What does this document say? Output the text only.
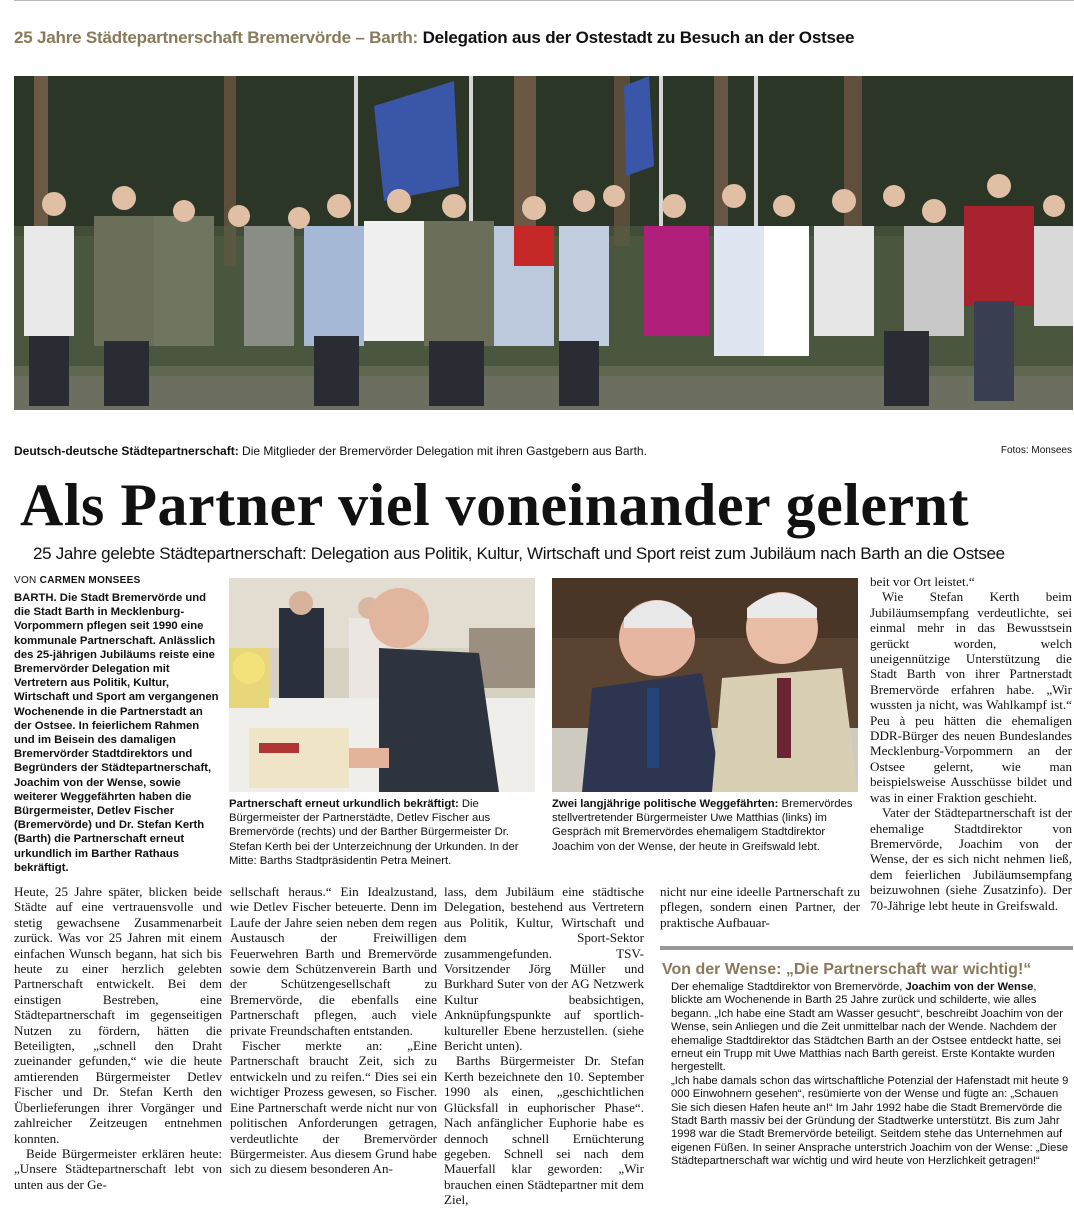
25 Jahre Städtepartnerschaft Bremervörde – Barth: Delegation aus der Ostestadt zu Besuch an der Ostsee
Deutsch-deutsche Städtepartnerschaft: Die Mitglieder der Bremervörder Delegation mit ihren Gastgebern aus Barth.	Fotos: Monsees
Als Partner viel voneinander gelernt
25 Jahre gelebte Städtepartnerschaft: Delegation aus Politik, Kultur, Wirtschaft und Sport reist zum Jubiläum nach Barth an die Ostsee
VON CARMEN MONSEES
BARTH. Die Stadt Bremervörde und die Stadt Barth in Mecklenburg-Vorpommern pflegen seit 1990 eine kommunale Partnerschaft. Anlässlich des 25-jährigen Jubiläums reiste eine Bremervörder Delegation mit Vertretern aus Politik, Kultur, Wirtschaft und Sport am vergangenen Wochenende in die Partnerstadt an der Ostsee. In feierlichem Rahmen und im Beisein des damaligen Bremervörder Stadtdirektors und Begründers der Städtepartnerschaft, Joachim von der Wense, sowie weiterer Weggefährten haben die Bürgermeister, Detlev Fischer (Bremervörde) und Dr. Stefan Kerth (Barth) die Partnerschaft erneut urkundlich im Barther Rathaus bekräftigt.
Partnerschaft erneut urkundlich bekräftigt: Die Bürgermeister der Partnerstädte, Detlev Fischer aus Bremervörde (rechts) und der Barther Bürgermeister Dr. Stefan Kerth bei der Unterzeichnung der Urkunden. In der Mitte: Barths Stadtpräsidentin Petra Meinert.
Zwei langjährige politische Weggefährten: Bremervördes stellvertretender Bürgermeister Uwe Matthias (links) im Gespräch mit Bremervördes ehemaligem Stadtdirektor Joachim von der Wense, der heute in Greifswald lebt.

Heute, 25 Jahre später, blicken beide Städte auf eine vertrauensvolle und stetig gewachsene Zusammenarbeit zurück. Was vor 25 Jahren mit einem einfachen Wunsch begann, hat sich bis heute zu einer herzlich gelebten Partnerschaft entwickelt. Bei dem einstigen Bestreben, eine Städtepartnerschaft im gegenseitigen Nutzen zu fördern, hätten die Beteiligten, „schnell den Draht zueinander gefunden,“ wie die heute amtierenden Bürgermeister Detlev Fischer und Dr. Stefan Kerth den Überlieferungen ihrer Vorgänger und zahlreicher Zeitzeugen entnehmen konnten.

Beide Bürgermeister erklären heute: „Unsere Städtepartnerschaft lebt von unten aus der Ge-

sellschaft heraus.“ Ein Idealzustand, wie Detlev Fischer beteuerte. Denn im Laufe der Jahre seien neben dem regen Austausch der Freiwilligen Feuerwehren Barth und Bremervörde sowie dem Schützenverein Barth und der Schützengesellschaft zu Bremervörde, die ebenfalls eine Partnerschaft pflegen, auch viele private Freundschaften entstanden.

Fischer merkte an: „Eine Partnerschaft braucht Zeit, sich zu entwickeln und zu reifen.“ Dies sei ein wichtiger Prozess gewesen, so Fischer. Eine Partnerschaft werde nicht nur von politischen Anforderungen getragen, verdeutlichte der Bremervörder Bürgermeister. Aus diesem Grund habe sich zu diesem besonderen An-

lass, dem Jubiläum eine städtische Delegation, bestehend aus Vertretern aus Politik, Kultur, Wirtschaft und dem Sport-Sektor zusammengefunden. TSV-Vorsitzender Jörg Müller und Burkhard Suter von der AG Netzwerk Kultur beabsichtigen, Anknüpfungspunkte auf sportlich-kultureller Ebene herzustellen. (siehe Bericht unten).

Barths Bürgermeister Dr. Stefan Kerth bezeichnete den 10. September 1990 als einen, „geschichtlichen Glücksfall in euphorischer Phase“. Nach anfänglicher Euphorie habe es dennoch schnell Ernüchterung gegeben. Schnell sei nach dem Mauerfall klar geworden: „Wir brauchen einen Städtepartner mit dem Ziel,

nicht nur eine ideelle Partnerschaft zu pflegen, sondern einen Partner, der praktische Aufbauar-

beit vor Ort leistet.“

Wie Stefan Kerth beim Jubiläumsempfang verdeutlichte, sei einmal mehr in das Bewusstsein gerückt worden, welch uneigennützige Unterstützung die Stadt Barth von ihrer Partnerstadt Bremervörde erfahren habe. „Wir wussten ja nicht, was Wahlkampf ist.“ Peu à peu hätten die ehemaligen DDR-Bürger des neuen Bundeslandes Mecklenburg-Vorpommern an der Ostsee gelernt, wie man beispielsweise Ausschüsse bildet und was in einer Fraktion geschieht.

Vater der Städtepartnerschaft ist der ehemalige Stadtdirektor von Bremervörde, Joachim von der Wense, der es sich nicht nehmen ließ, dem feierlichen Jubiläumsempfang beizuwohnen (siehe Zusatzinfo). Der 70-Jährige lebt heute in Greifswald.

Von der Wense: „Die Partnerschaft war wichtig!“

Der ehemalige Stadtdirektor von Bremervörde, Joachim von der Wense, blickte am Wochenende in Barth 25 Jahre zurück und schilderte, wie alles begann. „Ich habe eine Stadt am Wasser gesucht“, beschreibt Joachim von der Wense, sein Anliegen und die Zeit unmittelbar nach der Wende. Nachdem der ehemalige Stadtdirektor das Städtchen Barth an der Ostsee entdeckt hatte, sei erneut ein Trupp mit Uwe Matthias nach Barth gereist. Erste Kontakte wurden hergestellt.

„Ich habe damals schon das wirtschaftliche Potenzial der Hafenstadt mit heute 9 000 Einwohnern gesehen“, resümierte von der Wense und fügte an: „Schauen Sie sich diesen Hafen heute an!“ Im Jahr 1992 habe die Stadt Bremervörde die Stadt Barth massiv bei der Gründung der Stadtwerke unterstützt. Bis zum Jahr 1998 war die Stadt Bremervörde beteiligt. Seitdem stehe das Unternehmen auf eigenen Füßen. In seiner Ansprache unterstrich Joachim von der Wense: „Diese Städtepartnerschaft war wichtig und wird heute von Herzlichkeit getragen!“
